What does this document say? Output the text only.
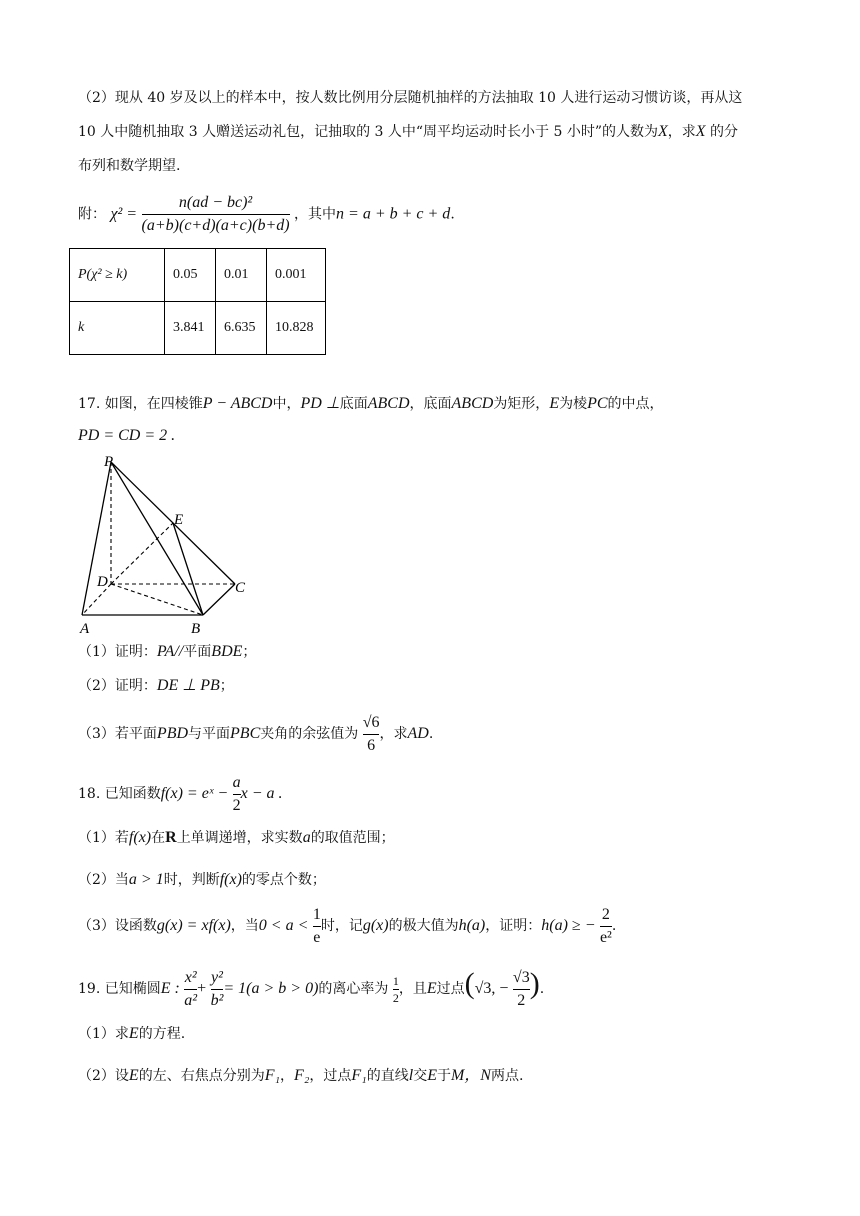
（2）现从 40 岁及以上的样本中，按人数比例用分层随机抽样的方法抽取 10 人进行运动习惯访谈，再从这
10 人中随机抽取 3 人赠送运动礼包，记抽取的 3 人中“周平均运动时长小于 5 小时”的人数为X，求X 的分
布列和数学期望.
附： $\chi^2 = \frac{\text{n(ad − bc)²}}{(a+b)(c+d)(a+c)(b+d)}$ ，其中n = a + b + c + d.
P(χ² ≥ k)	0.05	0.01	0.001
k	3.841	6.635	10.828
17. 如图，在四棱锥P − ABCD中，PD ⊥底面ABCD，底面ABCD为矩形，E为棱PC的中点，
PD = CD = 2 .
P
E
D	C
A	B
（1）证明：PA//平面BDE；
（2）证明：DE ⊥ PB；
（3）若平面PBD与平面PBC夹角的余弦值为 $\frac{√6}{6}$ ，求AD.
18. 已知函数f(x) = eˣ − $\frac{a}{2}$ x − a .
（1）若f(x)在R上单调递增，求实数a的取值范围；
（2）当a > 1时，判断f(x)的零点个数；
（3）设函数g(x) = xf(x)，当$0 < a < \frac{1}{e}$ 时，记g(x)的极大值为h(a)，证明：h(a) ≥ − $\frac{2}{\text{e²}}$ .
19. 已知椭圆E : $\frac{\text{x²}}{\text{a²}} + \frac{\text{y²}}{\text{b²}} = 1(a > b > 0)$的离心率为 $\frac{1}{2}$ ，且E过点(√3, − $\frac{√3}{2}$ ).
（1）求E的方程.
（2）设E的左、右焦点分别为F₁，F₂，过点F₁的直线l交E于M，N两点.
